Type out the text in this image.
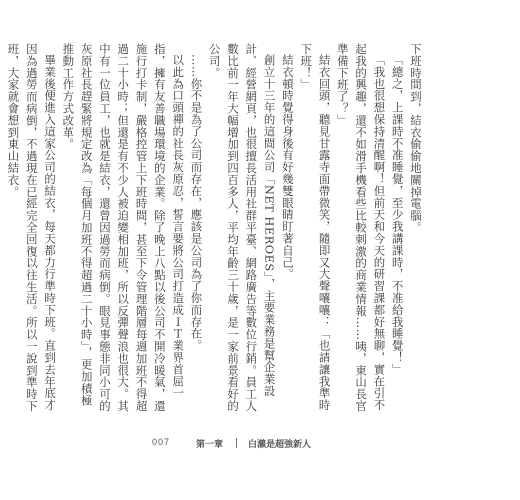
下班時間到，結衣偷偷地關掉電腦。

「總之，上課時不准睡覺，至少我講課時，不准給我睡覺！」

「我也很想保持清醒啊！但前天和今天的研習課都好無聊，實在引不起我的興趣，還不如滑手機看些比較刺激的商業情報……咦，東山長官準備下班了？」

結衣回頭，聽見甘露寺面帶微笑，隨即又大聲嚷嚷：「也請讓我準時下班！」

結衣頓時覺得身後有好幾雙眼睛盯著自己。

創立十三年的這間公司「NET HEROES」，主要業務是幫企業設計、經營網頁，也很擅長活用社群平臺、網路廣告等數位行銷。員工人數比前一年大幅增加到四百多人，平均年齡三十歲，是一家前景看好的公司。

……你不是為了公司而存在，應該是公司為了你而存在。

以此為口頭禪的社長灰原忍，誓言要將公司打造成ＩＴ業界首屈一指，擁有友善職場環境的企業。除了晚上八點以後公司不開冷暖氣，還施行打卡制，嚴格控管上下班時間，甚至下令管理階層每週加班不得超過二十小時；但還是有不少人被迫變相加班，所以反彈聲浪也很大。其中有一位員工，也就是結衣，還曾因過勞而病倒。眼見事態非同小可的灰原社長趕緊將規定改為「每個月加班不得超過二十小時」，更加積極推動工作方式改革。

畢業後便進入這家公司的結衣，每天都力行準時下班。直到去年底才因為過勞而病倒，不過現在已經完全回復以往生活。所以一說到準時下班，大家就會想到東山結衣。

007	第一章	白瀨是超強新人
